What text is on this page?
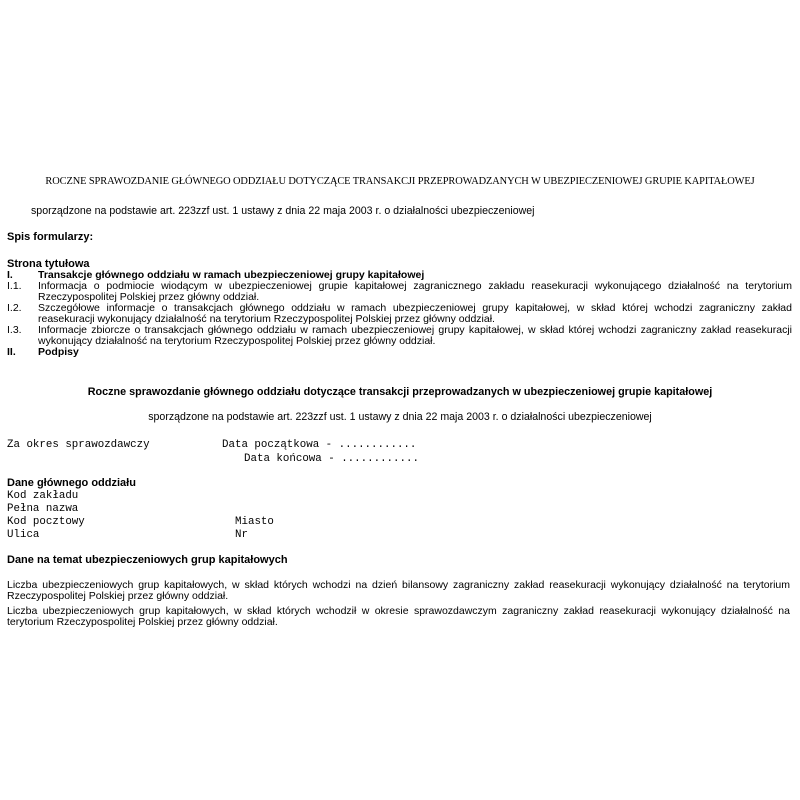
ROCZNE SPRAWOZDANIE GŁÓWNEGO ODDZIAŁU DOTYCZĄCE TRANSAKCJI PRZEPROWADZANYCH W UBEZPIECZENIOWEJ GRUPIE KAPITAŁOWEJ
sporządzone na podstawie art. 223zzf ust. 1 ustawy z dnia 22 maja 2003 r. o działalności ubezpieczeniowej
Spis formularzy:
Strona tytułowa
I. Transakcje głównego oddziału w ramach ubezpieczeniowej grupy kapitałowej
I.1. Informacja o podmiocie wiodącym w ubezpieczeniowej grupie kapitałowej zagranicznego zakładu reasekuracji wykonującego działalność na terytorium Rzeczypospolitej Polskiej przez główny oddział.
I.2. Szczegółowe informacje o transakcjach głównego oddziału w ramach ubezpieczeniowej grupy kapitałowej, w skład której wchodzi zagraniczny zakład reasekuracji wykonujący działalność na terytorium Rzeczypospolitej Polskiej przez główny oddział.
I.3. Informacje zbiorcze o transakcjach głównego oddziału w ramach ubezpieczeniowej grupy kapitałowej, w skład której wchodzi zagraniczny zakład reasekuracji wykonujący działalność na terytorium Rzeczypospolitej Polskiej przez główny oddział.
II. Podpisy
Roczne sprawozdanie głównego oddziału dotyczące transakcji przeprowadzanych w ubezpieczeniowej grupie kapitałowej
sporządzone na podstawie art. 223zzf ust. 1 ustawy z dnia 22 maja 2003 r. o działalności ubezpieczeniowej
Za okres sprawozdawczy	Data początkowa - ............
Data końcowa - ............
Dane głównego oddziału
Kod zakładu
Pełna nazwa
Kod pocztowy	Miasto
Ulica	Nr
Dane na temat ubezpieczeniowych grup kapitałowych
Liczba ubezpieczeniowych grup kapitałowych, w skład których wchodzi na dzień bilansowy zagraniczny zakład reasekuracji wykonujący działalność na terytorium Rzeczypospolitej Polskiej przez główny oddział.
Liczba ubezpieczeniowych grup kapitałowych, w skład których wchodził w okresie sprawozdawczym zagraniczny zakład reasekuracji wykonujący działalność na terytorium Rzeczypospolitej Polskiej przez główny oddział.
